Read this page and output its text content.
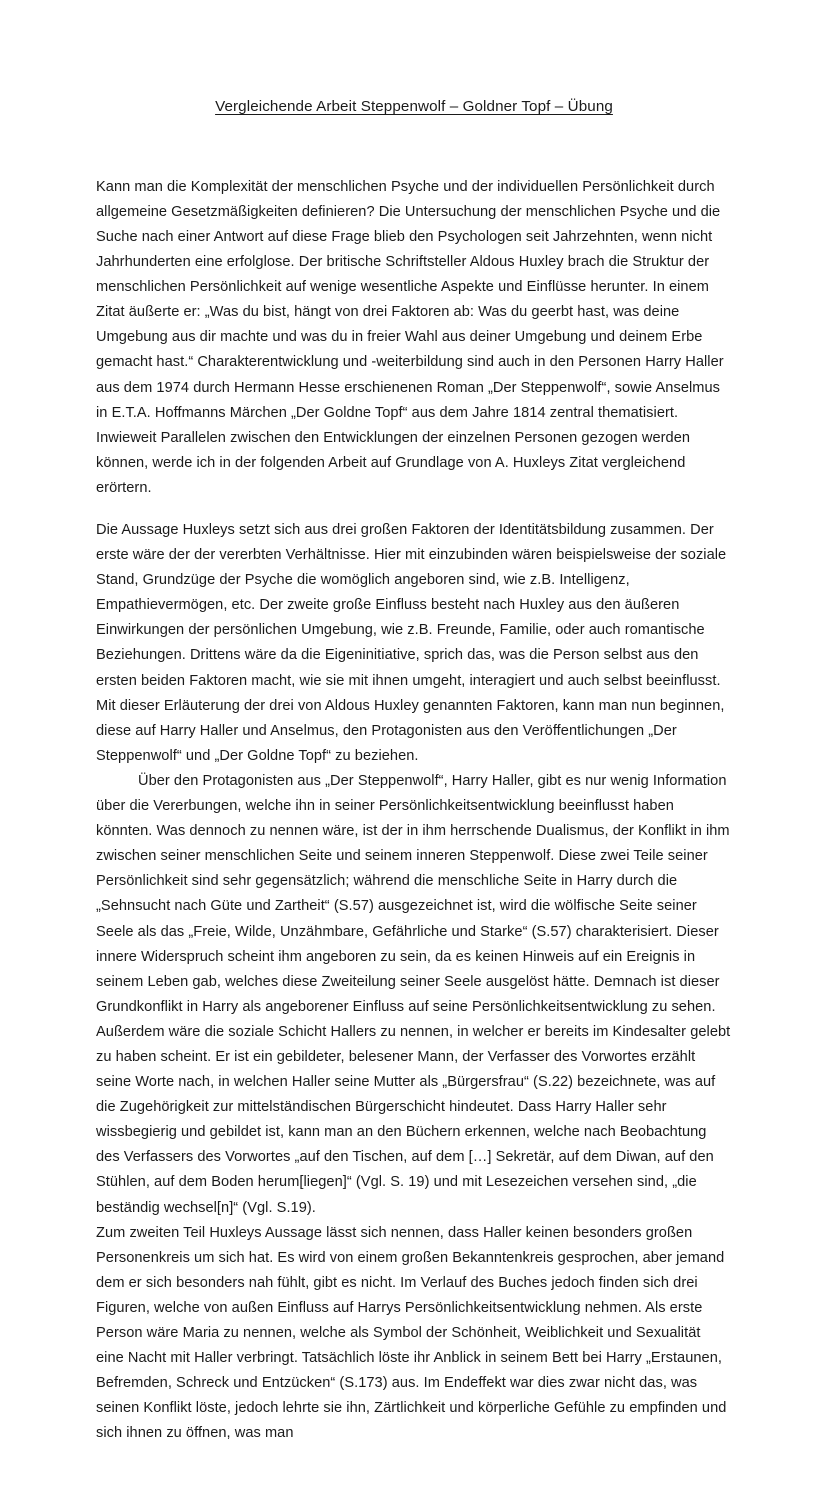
Vergleichende Arbeit Steppenwolf – Goldner Topf – Übung

Kann man die Komplexität der menschlichen Psyche und der individuellen Persönlichkeit durch allgemeine Gesetzmäßigkeiten definieren? Die Untersuchung der menschlichen Psyche und die Suche nach einer Antwort auf diese Frage blieb den Psychologen seit Jahrzehnten, wenn nicht Jahrhunderten eine erfolglose. Der britische Schriftsteller Aldous Huxley brach die Struktur der menschlichen Persönlichkeit auf wenige wesentliche Aspekte und Einflüsse herunter. In einem Zitat äußerte er: „Was du bist, hängt von drei Faktoren ab: Was du geerbt hast, was deine Umgebung aus dir machte und was du in freier Wahl aus deiner Umgebung und deinem Erbe gemacht hast.“ Charakterentwicklung und -weiterbildung sind auch in den Personen Harry Haller aus dem 1974 durch Hermann Hesse erschienenen Roman „Der Steppenwolf“, sowie Anselmus in E.T.A. Hoffmanns Märchen „Der Goldne Topf“ aus dem Jahre 1814 zentral thematisiert. Inwieweit Parallelen zwischen den Entwicklungen der einzelnen Personen gezogen werden können, werde ich in der folgenden Arbeit auf Grundlage von A. Huxleys Zitat vergleichend erörtern.

Die Aussage Huxleys setzt sich aus drei großen Faktoren der Identitätsbildung zusammen. Der erste wäre der der vererbten Verhältnisse. Hier mit einzubinden wären beispielsweise der soziale Stand, Grundzüge der Psyche die womöglich angeboren sind, wie z.B. Intelligenz, Empathievermögen, etc. Der zweite große Einfluss besteht nach Huxley aus den äußeren Einwirkungen der persönlichen Umgebung, wie z.B. Freunde, Familie, oder auch romantische Beziehungen. Drittens wäre da die Eigeninitiative, sprich das, was die Person selbst aus den ersten beiden Faktoren macht, wie sie mit ihnen umgeht, interagiert und auch selbst beeinflusst. Mit dieser Erläuterung der drei von Aldous Huxley genannten Faktoren, kann man nun beginnen, diese auf Harry Haller und Anselmus, den Protagonisten aus den Veröffentlichungen „Der Steppenwolf“ und „Der Goldne Topf“ zu beziehen.

Über den Protagonisten aus „Der Steppenwolf“, Harry Haller, gibt es nur wenig Information über die Vererbungen, welche ihn in seiner Persönlichkeitsentwicklung beeinflusst haben könnten. Was dennoch zu nennen wäre, ist der in ihm herrschende Dualismus, der Konflikt in ihm zwischen seiner menschlichen Seite und seinem inneren Steppenwolf. Diese zwei Teile seiner Persönlichkeit sind sehr gegensätzlich; während die menschliche Seite in Harry durch die „Sehnsucht nach Güte und Zartheit“ (S.57) ausgezeichnet ist, wird die wölfische Seite seiner Seele als das „Freie, Wilde, Unzähmbare, Gefährliche und Starke“ (S.57) charakterisiert. Dieser innere Widerspruch scheint ihm angeboren zu sein, da es keinen Hinweis auf ein Ereignis in seinem Leben gab, welches diese Zweiteilung seiner Seele ausgelöst hätte. Demnach ist dieser Grundkonflikt in Harry als angeborener Einfluss auf seine Persönlichkeitsentwicklung zu sehen. Außerdem wäre die soziale Schicht Hallers zu nennen, in welcher er bereits im Kindesalter gelebt zu haben scheint. Er ist ein gebildeter, belesener Mann, der Verfasser des Vorwortes erzählt seine Worte nach, in welchen Haller seine Mutter als „Bürgersfrau“ (S.22) bezeichnete, was auf die Zugehörigkeit zur mittelständischen Bürgerschicht hindeutet. Dass Harry Haller sehr wissbegierig und gebildet ist, kann man an den Büchern erkennen, welche nach Beobachtung des Verfassers des Vorwortes „auf den Tischen, auf dem […] Sekretär, auf dem Diwan, auf den Stühlen, auf dem Boden herum[liegen]“ (Vgl. S. 19) und mit Lesezeichen versehen sind, „die beständig wechsel[n]“ (Vgl. S.19).

Zum zweiten Teil Huxleys Aussage lässt sich nennen, dass Haller keinen besonders großen Personenkreis um sich hat. Es wird von einem großen Bekanntenkreis gesprochen, aber jemand dem er sich besonders nah fühlt, gibt es nicht. Im Verlauf des Buches jedoch finden sich drei Figuren, welche von außen Einfluss auf Harrys Persönlichkeitsentwicklung nehmen. Als erste Person wäre Maria zu nennen, welche als Symbol der Schönheit, Weiblichkeit und Sexualität eine Nacht mit Haller verbringt. Tatsächlich löste ihr Anblick in seinem Bett bei Harry „Erstaunen, Befremden, Schreck und Entzücken“ (S.173) aus. Im Endeffekt war dies zwar nicht das, was seinen Konflikt löste, jedoch lehrte sie ihn, Zärtlichkeit und körperliche Gefühle zu empfinden und sich ihnen zu öffnen, was man
